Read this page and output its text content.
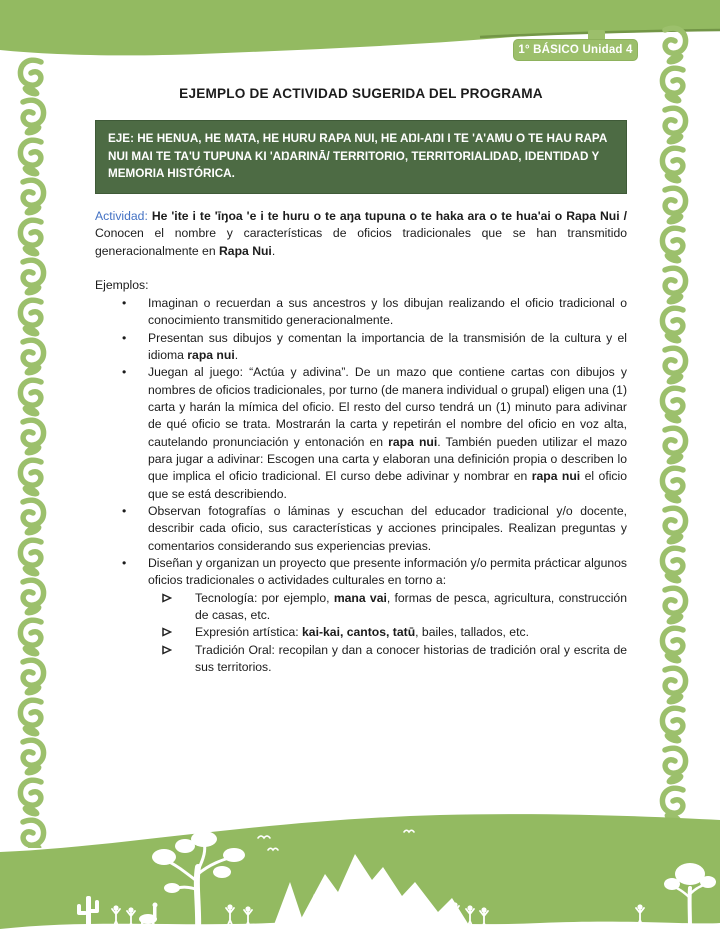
1° BÁSICO Unidad 4
EJEMPLO DE ACTIVIDAD SUGERIDA DEL PROGRAMA
EJE: HE HENUA, HE MATA, HE HURU RAPA NUI, HE AŊI-AŊI I TE 'A'AMU O TE HAU RAPA NUI MAI TE TA'U TUPUNA KI 'AŊARINĀ/ TERRITORIO, TERRITORIALIDAD, IDENTIDAD Y MEMORIA HISTÓRICA.

Actividad: He 'ite i te 'īŋoa 'e i te huru o te aŋa tupuna o te haka ara o te hua'ai o Rapa Nui / Conocen el nombre y características de oficios tradicionales que se han transmitido generacionalmente en Rapa Nui.

Ejemplos:
•	Imaginan o recuerdan a sus ancestros y los dibujan realizando el oficio tradicional o conocimiento transmitido generacionalmente.
•	Presentan sus dibujos y comentan la importancia de la transmisión de la cultura y el idioma rapa nui.
•	Juegan al juego: “Actúa y adivina”. De un mazo que contiene cartas con dibujos y nombres de oficios tradicionales, por turno (de manera individual o grupal) eligen una (1) carta y harán la mímica del oficio. El resto del curso tendrá un (1) minuto para adivinar de qué oficio se trata. Mostrarán la carta y repetirán el nombre del oficio en voz alta, cautelando pronunciación y entonación en rapa nui. También pueden utilizar el mazo para jugar a adivinar: Escogen una carta y elaboran una definición propia o describen lo que implica el oficio tradicional. El curso debe adivinar y nombrar en rapa nui el oficio que se está describiendo.
•	Observan fotografías o láminas y escuchan del educador tradicional y/o docente, describir cada oficio, sus características y acciones principales. Realizan preguntas y comentarios considerando sus experiencias previas.
•	Diseñan y organizan un proyecto que presente información y/o permita prácticar algunos oficios tradicionales o actividades culturales en torno a:
Tecnología: por ejemplo, mana vai, formas de pesca, agricultura, construcción de casas, etc.
Expresión artística: kai-kai, cantos, tatū, bailes, tallados, etc.
Tradición Oral: recopilan y dan a conocer historias de tradición oral y escrita de sus territorios.
